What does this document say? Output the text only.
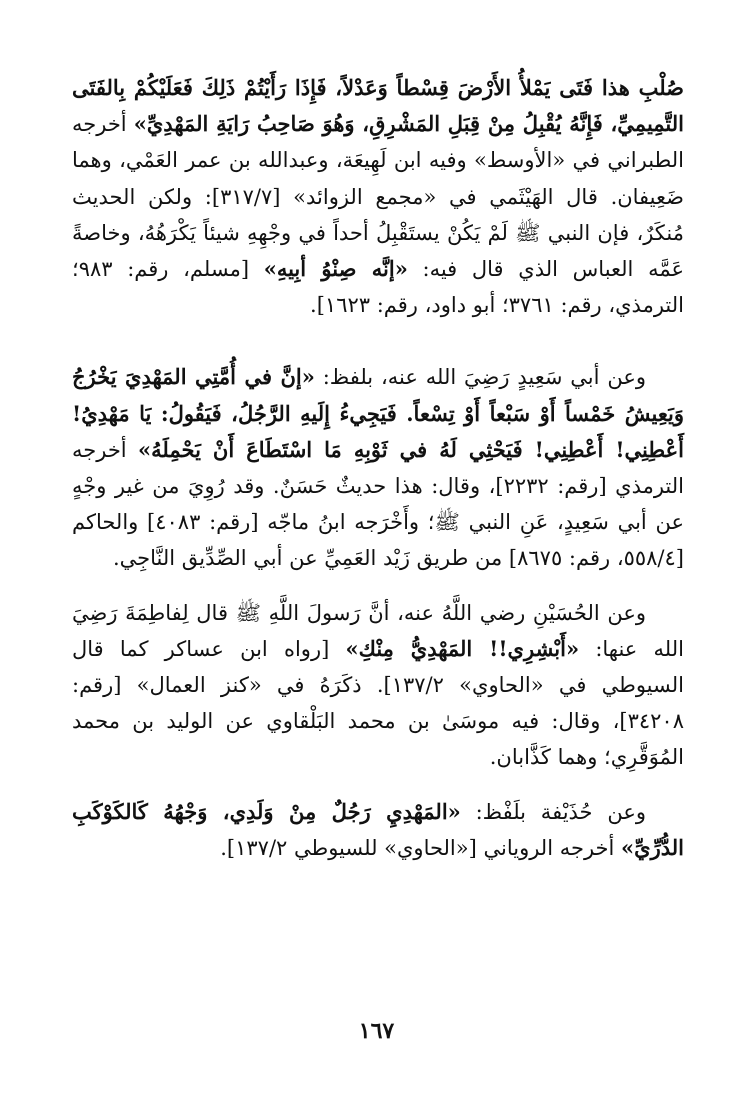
صُلْبِ هذا فَتَى يَمْلأُ الأَرْضَ قِسْطاً وَعَدْلاً، فَإِذَا رَأَيْتُمْ ذَلِكَ فَعَلَيْكُمْ بِالفَتَى التَّمِيمِيِّ، فَإِنَّهُ يُقْبِلُ مِنْ قِبَلِ المَشْرِقِ، وَهُوَ صَاحِبُ رَايَةِ المَهْدِيِّ» أخرجه الطبراني في «الأوسط» وفيه ابن لَهِيعَة، وعبدالله بن عمر العَمْي، وهما ضَعِيفان. قال الهَيْثَمي في «مجمع الزوائد» [٣١٧/٧]: ولكن الحديث مُنكَرٌ، فإن النبي ﷺ لَمْ يَكُنْ يستَقْبِلُ أحداً في وجْهِهِ شيئاً يَكْرَهُهُ، وخاصةً عَمَّه العباس الذي قال فيه: «إنَّه صِنْوُ أبِيهِ» [مسلم، رقم: ٩٨٣؛ الترمذي، رقم: ٣٧٦١؛ أبو داود، رقم: ١٦٢٣].

وعن أبي سَعِيدٍ رَضِيَ الله عنه، بلفظ: «إنَّ في أُمَّتِي المَهْدِيَ يَخْرُجُ وَيَعِيشُ خَمْساً أَوْ سَبْعاً أَوْ تِسْعاً. فَيَجِيءُ إِلَيهِ الرَّجُلُ، فَيَقُولُ: يَا مَهْدِيُ! أَعْطِنِي! أَعْطِنِي! فَيَحْثِي لَهُ في ثَوْبِهِ مَا اسْتَطَاعَ أَنْ يَحْمِلَهُ» أخرجه الترمذي [رقم: ٢٢٣٢]، وقال: هذا حديثٌ حَسَنٌ. وقد رُوِيَ من غير وجْهٍ عن أبي سَعِيدٍ، عَنِ النبي ﷺ؛ وأَخْرَجه ابنُ ماجّه [رقم: ٤٠٨٣] والحاكم [٥٥٨/٤، رقم: ٨٦٧٥] من طريق زَيْد العَمِيِّ عن أبي الصِّدِّيق النَّاجِي.

وعن الحُسَيْنِ رضي اللَّهُ عنه، أنَّ رَسولَ اللَّهِ ﷺ قال لِفاطِمَةَ رَضِيَ الله عنها: «أَبْشِرِي!! المَهْدِيُّ مِنْكِ» [رواه ابن عساكر كما قال السيوطي في «الحاوي» ١٣٧/٢]. ذكَرَهُ في «كنز العمال» [رقم: ٣٤٢٠٨]، وقال: فيه موسَىٰ بن محمد البَلْقاوي عن الوليد بن محمد المُوَقَّرِي؛ وهما كَذَّابان.

وعن حُذَيْفة بلَفْظ: «المَهْدِيِ رَجُلٌ مِنْ وَلَدِي، وَجْهُهُ كَالكَوْكَبِ الدُّرِّيِّ» أخرجه الروياني [«الحاوي» للسيوطي ١٣٧/٢].

١٦٧
